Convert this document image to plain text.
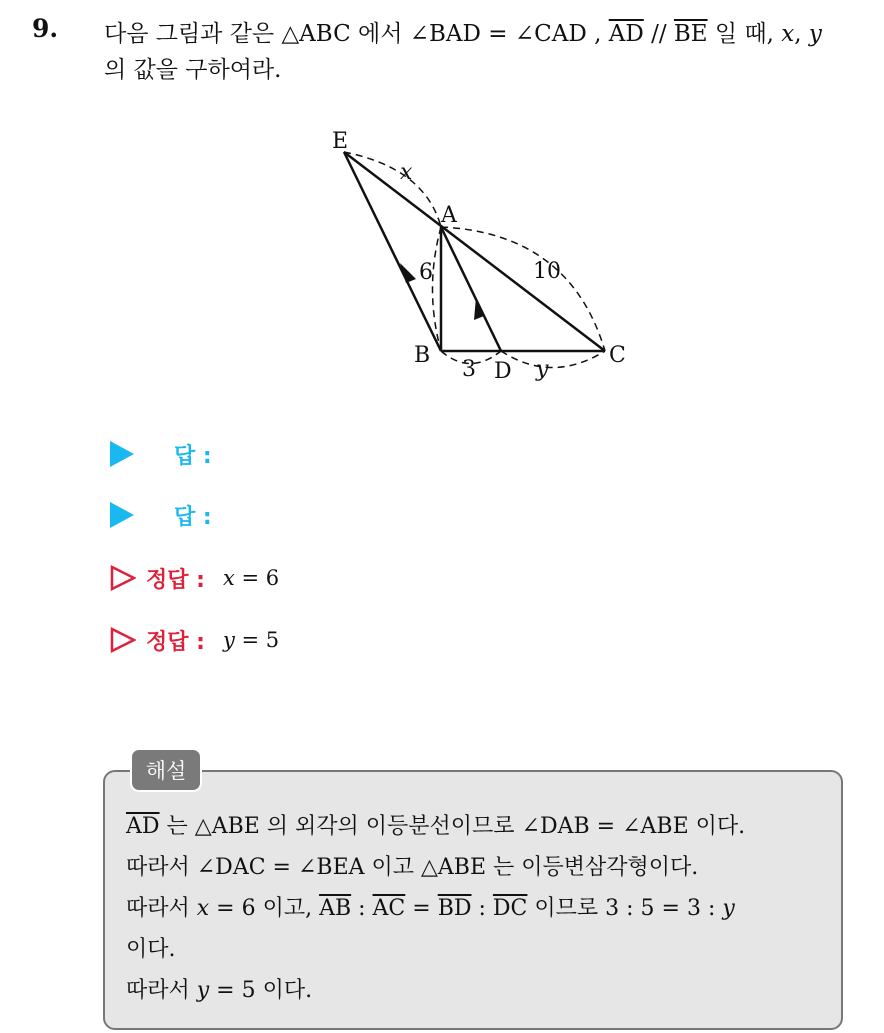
9. 다음 그림과 같은 △ABC 에서 ∠BAD = ∠CAD , $\overline{AD} // \overline{BE}$ 일 때, x, y
의 값을 구하여라.
E
A
B	C
D
x
y
6	10
3
답 :
답 :
정답 : x = 6
정답 : y = 5
해설
$\overline{AD}$ 는 △ABE 의 외각의 이등분선이므로 ∠DAB = ∠ABE 이다.
따라서 ∠DAC = ∠BEA 이고 △ABE 는 이등변삼각형이다.
따라서 x = 6 이고, $\overline{AB}$ : $\overline{AC} = \overline{BD}$ : $\overline{DC}$ 이므로 3 : 5 = 3 : y
이다.
따라서 y = 5 이다.
